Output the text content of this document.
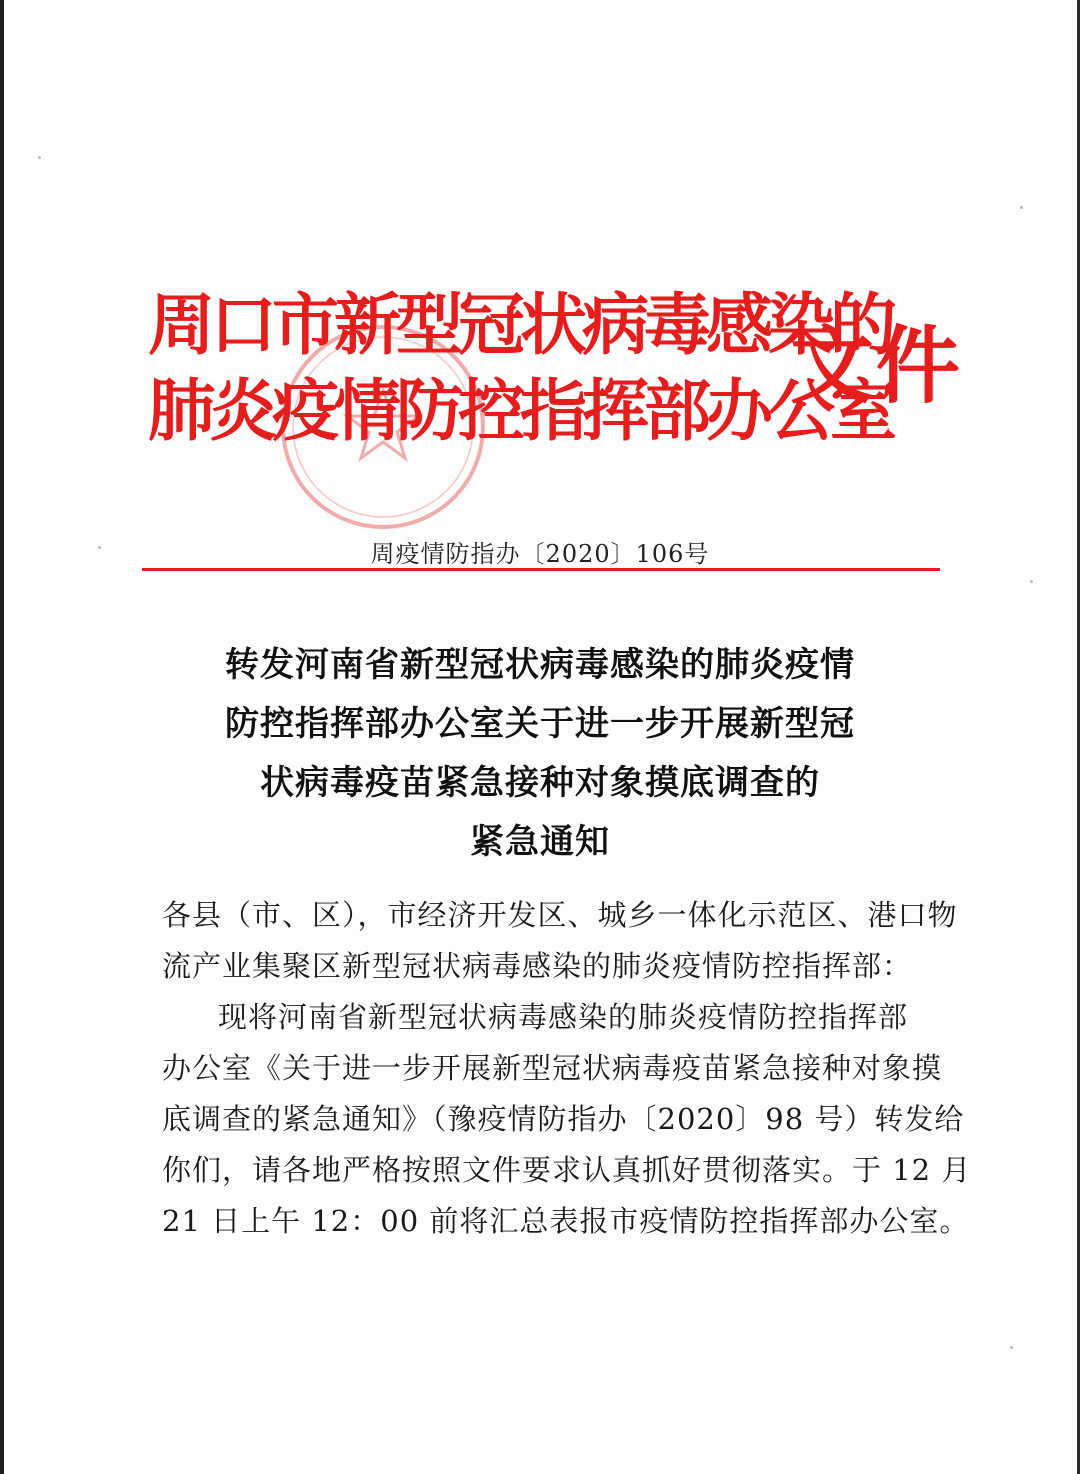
周口市新型冠状病毒感染的
肺炎疫情防控指挥部办公室
文件
周疫情防指办〔2020〕106号
转发河南省新型冠状病毒感染的肺炎疫情
防控指挥部办公室关于进一步开展新型冠
状病毒疫苗紧急接种对象摸底调查的
紧急通知
各县（市、区），市经济开发区、城乡一体化示范区、港口物
流产业集聚区新型冠状病毒感染的肺炎疫情防控指挥部：
现将河南省新型冠状病毒感染的肺炎疫情防控指挥部
办公室《关于进一步开展新型冠状病毒疫苗紧急接种对象摸
底调查的紧急通知》（豫疫情防指办〔2020〕98 号）转发给
你们，请各地严格按照文件要求认真抓好贯彻落实。于 12 月
21 日上午 12：00 前将汇总表报市疫情防控指挥部办公室。
